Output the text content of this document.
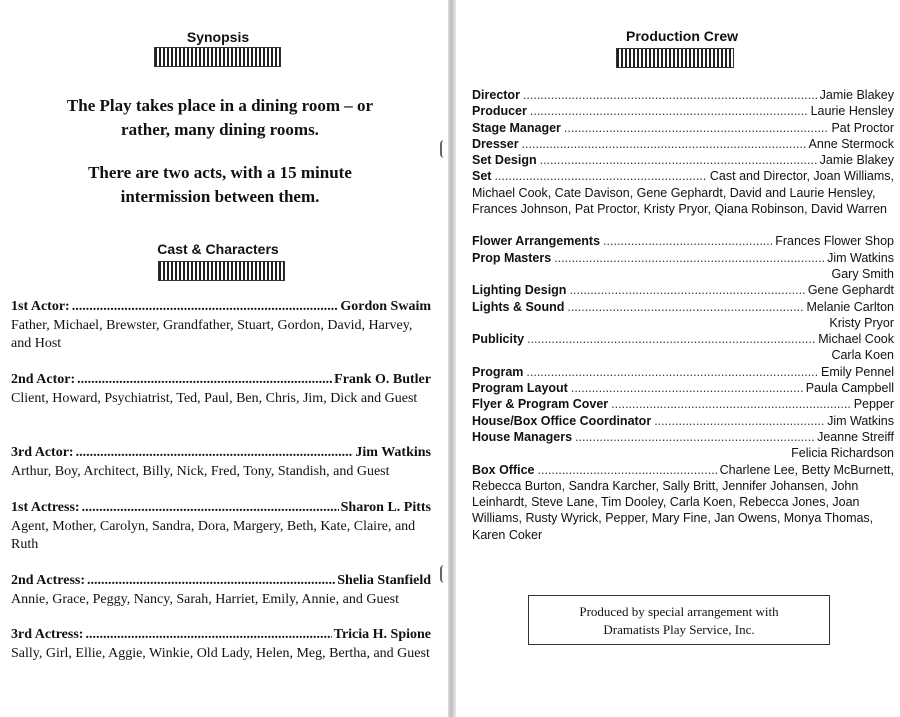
Synopsis
The Play takes place in a dining room – or rather, many dining rooms.
There are two acts, with a 15 minute intermission between them.
Cast & Characters
1st Actor: .....	Gordon Swaim
Father, Michael, Brewster, Grandfather, Stuart, Gordon, David, Harvey, and Host
2nd Actor: .....	Frank O. Butler
Client, Howard, Psychiatrist, Ted, Paul, Ben, Chris, Jim, Dick and Guest
3rd Actor: .....	Jim Watkins
Arthur, Boy, Architect, Billy, Nick, Fred, Tony, Standish, and Guest
1st Actress: .....	Sharon L. Pitts
Agent, Mother, Carolyn, Sandra, Dora, Margery, Beth, Kate, Claire, and Ruth
2nd Actress: .....	Shelia Stanfield
Annie, Grace, Peggy, Nancy, Sarah, Harriet, Emily, Annie, and Guest
3rd Actress: .....	Tricia H. Spione
Sally, Girl, Ellie, Aggie, Winkie, Old Lady, Helen, Meg, Bertha, and Guest
Production Crew
Director .....	Jamie Blakey
Producer .....	Laurie Hensley
Stage Manager .....	Pat Proctor
Dresser .....	Anne Stermock
Set Design .....	Jamie Blakey
Set .....	Cast and Director, Joan Williams,
Michael Cook, Cate Davison, Gene Gephardt, David and Laurie Hensley, Frances Johnson, Pat Proctor, Kristy Pryor, Qiana Robinson, David Warren
Flower Arrangements .....	Frances Flower Shop
Prop Masters .....	Jim Watkins
Gary Smith
Lighting Design .....	Gene Gephardt
Lights & Sound .....	Melanie Carlton
Kristy Pryor
Publicity .....	Michael Cook
Carla Koen
Program .....	Emily Pennel
Program Layout .....	Paula Campbell
Flyer & Program Cover .....	Pepper
House/Box Office Coordinator .....	Jim Watkins
House Managers .....	Jeanne Streiff
Felicia Richardson
Box Office .....	Charlene Lee, Betty McBurnett,
Rebecca Burton, Sandra Karcher, Sally Britt, Jennifer Johansen, John Leinhardt, Steve Lane, Tim Dooley, Carla Koen, Rebecca Jones, Joan Williams, Rusty Wyrick, Pepper, Mary Fine, Jan Owens, Monya Thomas, Karen Coker
Produced by special arrangement with
Dramatists Play Service, Inc.
